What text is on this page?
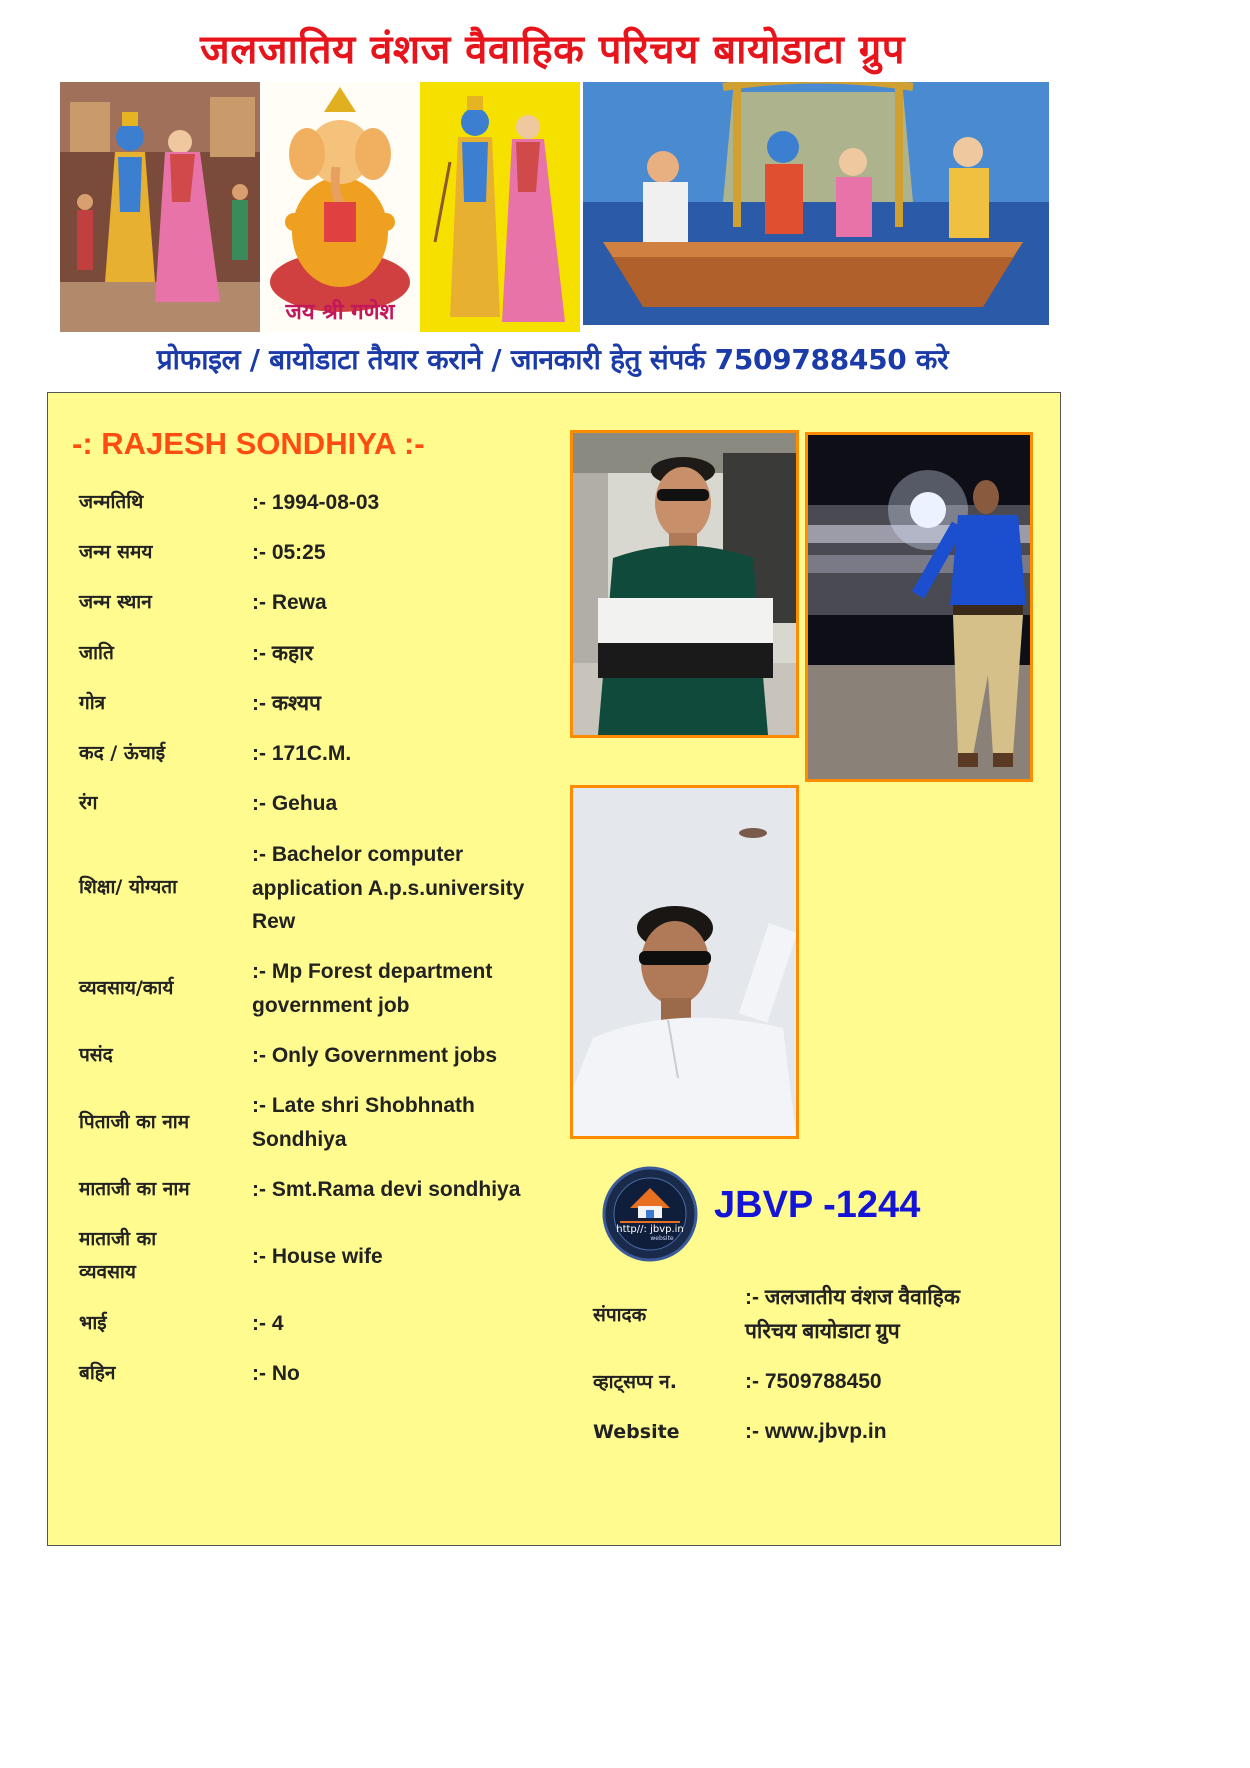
जलजातिय वंशज वैवाहिक परिचय बायोडाटा ग्रुप
जय श्री गणेश
प्रोफाइल / बायोडाटा तैयार कराने / जानकारी हेतु संपर्क 7509788450 करे
-: RAJESH SONDHIYA :-
जन्मतिथि	:- 1994-08-03
जन्म समय	:- 05:25
जन्म स्थान	:- Rewa
जाति	:- कहार
गोत्र	:- कश्यप
कद / ऊंचाई	:- 171C.M.
रंग	:- Gehua
शिक्षा/ योग्यता
:- Bachelor computer application A.p.s.university Rew
व्यवसाय/कार्य
:- Mp Forest department government job
पसंद	:- Only Government jobs
पिताजी का नाम
:- Late shri Shobhnath Sondhiya
माताजी का नाम	:- Smt.Rama devi sondhiya
माताजी का व्यवसाय
:- House wife
भाई	:- 4
बहिन	:- No
http//: jbvp.in
website
JBVP -1244
संपादक
:- जलजातीय वंशज वैवाहिक परिचय बायोडाटा ग्रुप
व्हाट्सप्प न.	:- 7509788450
Website	:- www.jbvp.in
